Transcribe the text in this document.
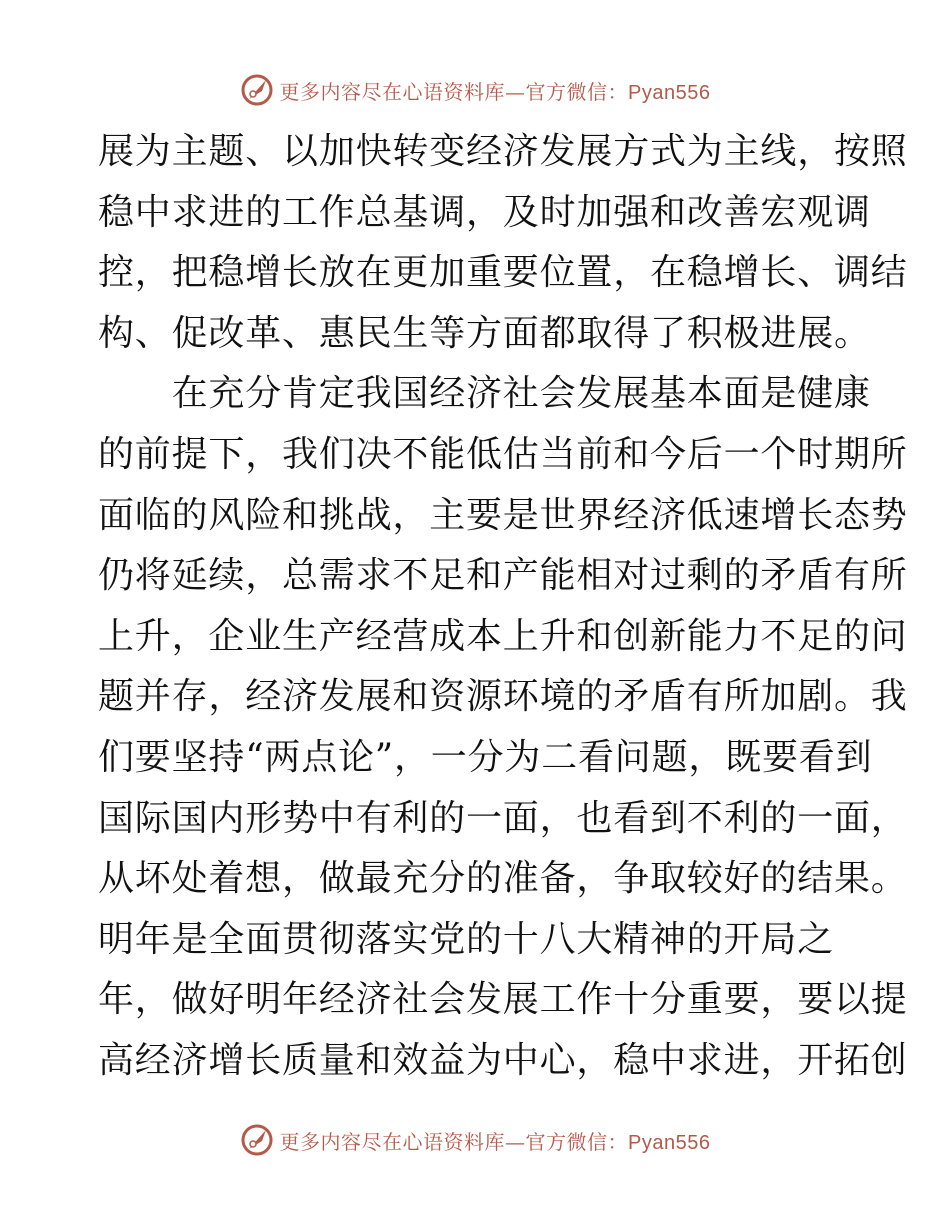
更多内容尽在心语资料库—官方微信：Pyan556
展为主题、以加快转变经济发展方式为主线，按照
稳中求进的工作总基调，及时加强和改善宏观调
控，把稳增长放在更加重要位置，在稳增长、调结
构、促改革、惠民生等方面都取得了积极进展。
　　在充分肯定我国经济社会发展基本面是健康
的前提下，我们决不能低估当前和今后一个时期所
面临的风险和挑战，主要是世界经济低速增长态势
仍将延续，总需求不足和产能相对过剩的矛盾有所
上升，企业生产经营成本上升和创新能力不足的问
题并存，经济发展和资源环境的矛盾有所加剧。我
们要坚持“两点论”，一分为二看问题，既要看到
国际国内形势中有利的一面，也看到不利的一面，
从坏处着想，做最充分的准备，争取较好的结果。
明年是全面贯彻落实党的十八大精神的开局之
年，做好明年经济社会发展工作十分重要，要以提
高经济增长质量和效益为中心，稳中求进，开拓创
更多内容尽在心语资料库—官方微信：Pyan556
